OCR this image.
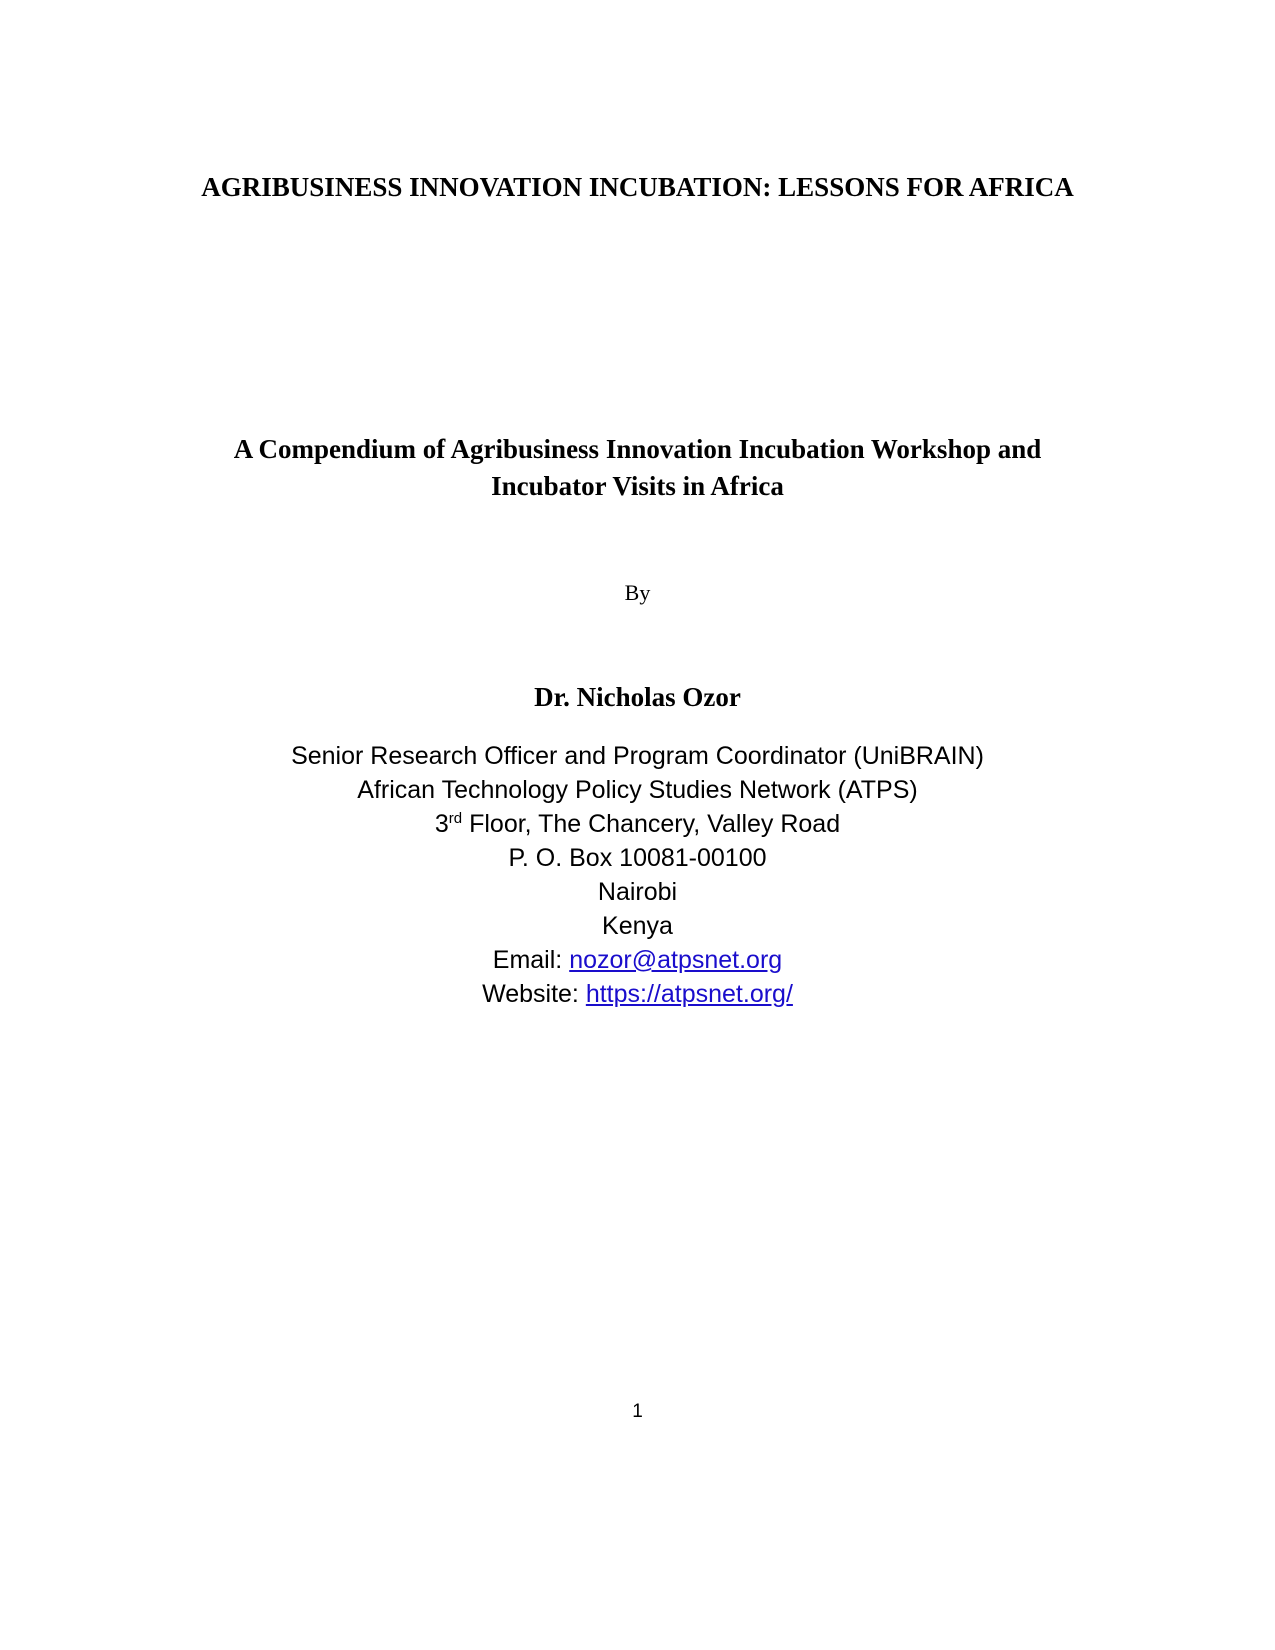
AGRIBUSINESS INNOVATION INCUBATION: LESSONS FOR AFRICA
A Compendium of Agribusiness Innovation Incubation Workshop and
Incubator Visits in Africa
By
Dr. Nicholas Ozor
Senior Research Officer and Program Coordinator (UniBRAIN)
African Technology Policy Studies Network (ATPS)
3rd Floor, The Chancery, Valley Road
P. O. Box 10081-00100
Nairobi
Kenya
Email: nozor@atpsnet.org
Website: https://atpsnet.org/
1
